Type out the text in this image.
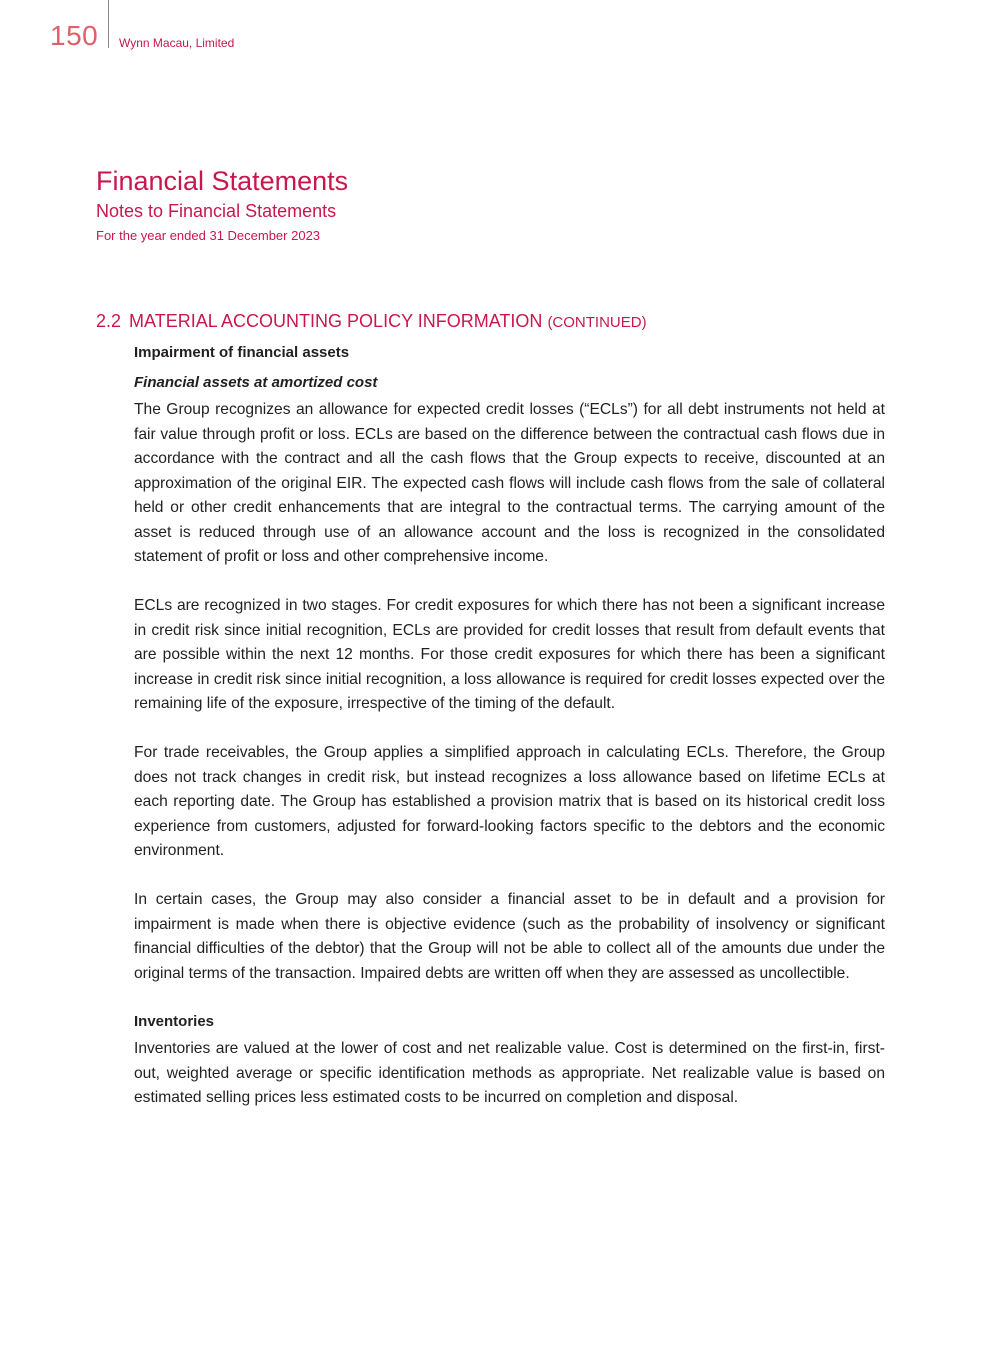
150 Wynn Macau, Limited
Financial Statements
Notes to Financial Statements
For the year ended 31 December 2023
2.2 MATERIAL ACCOUNTING POLICY INFORMATION (CONTINUED)
Impairment of financial assets
Financial assets at amortized cost

The Group recognizes an allowance for expected credit losses (“ECLs”) for all debt instruments not held at fair value through profit or loss. ECLs are based on the difference between the contractual cash flows due in accordance with the contract and all the cash flows that the Group expects to receive, discounted at an approximation of the original EIR. The expected cash flows will include cash flows from the sale of collateral held or other credit enhancements that are integral to the contractual terms. The carrying amount of the asset is reduced through use of an allowance account and the loss is recognized in the consolidated statement of profit or loss and other comprehensive income.

ECLs are recognized in two stages. For credit exposures for which there has not been a significant increase in credit risk since initial recognition, ECLs are provided for credit losses that result from default events that are possible within the next 12 months. For those credit exposures for which there has been a significant increase in credit risk since initial recognition, a loss allowance is required for credit losses expected over the remaining life of the exposure, irrespective of the timing of the default.

For trade receivables, the Group applies a simplified approach in calculating ECLs. Therefore, the Group does not track changes in credit risk, but instead recognizes a loss allowance based on lifetime ECLs at each reporting date. The Group has established a provision matrix that is based on its historical credit loss experience from customers, adjusted for forward-looking factors specific to the debtors and the economic environment.

In certain cases, the Group may also consider a financial asset to be in default and a provision for impairment is made when there is objective evidence (such as the probability of insolvency or significant financial difficulties of the debtor) that the Group will not be able to collect all of the amounts due under the original terms of the transaction. Impaired debts are written off when they are assessed as uncollectible.

Inventories

Inventories are valued at the lower of cost and net realizable value. Cost is determined on the first-in, first-out, weighted average or specific identification methods as appropriate. Net realizable value is based on estimated selling prices less estimated costs to be incurred on completion and disposal.
